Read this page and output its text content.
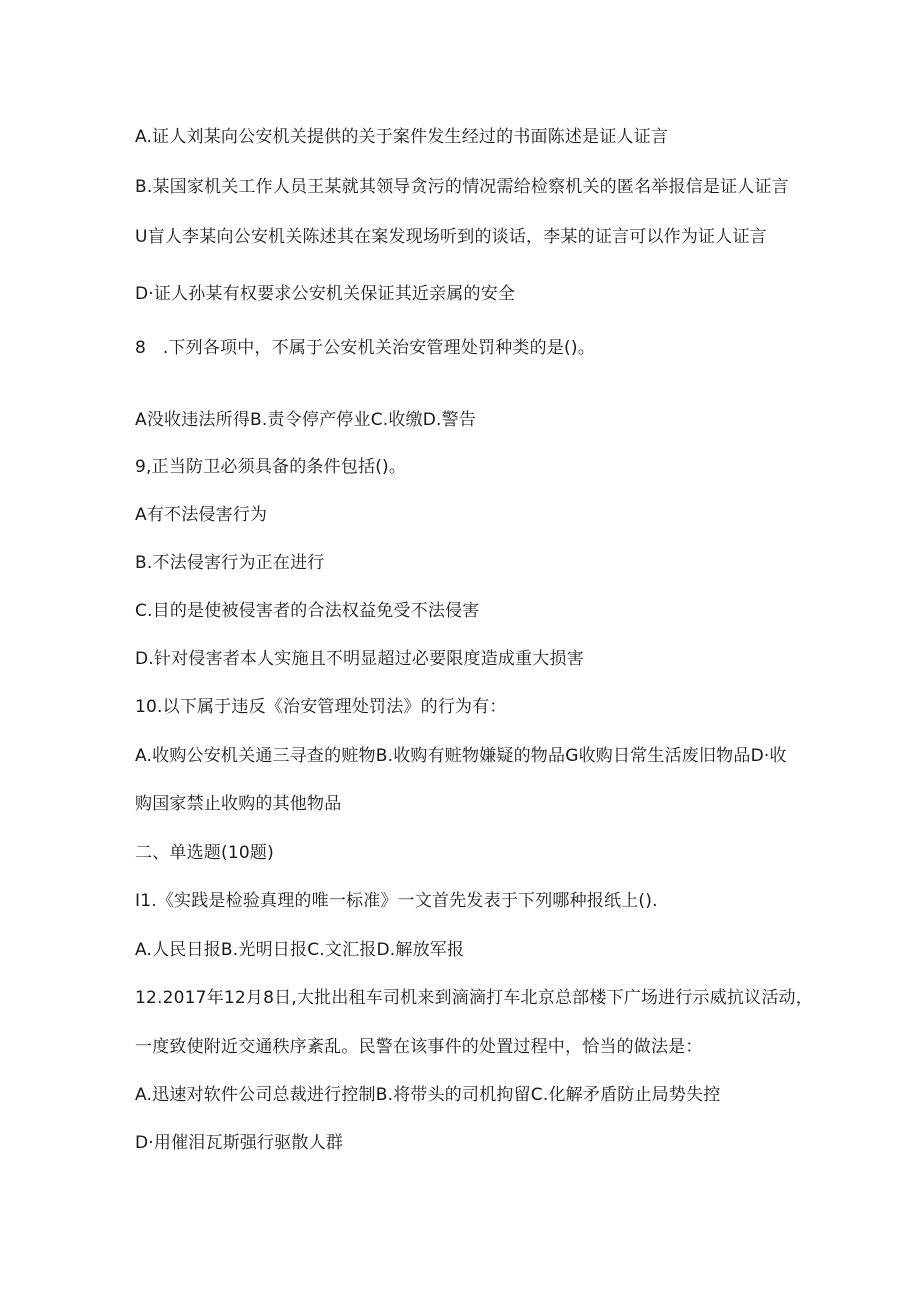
A.证人刘某向公安机关提供的关于案件发生经过的书面陈述是证人证言
B.某国家机关工作人员王某就其领导贪污的情况需给检察机关的匿名举报信是证人证言
U盲人李某向公安机关陈述其在案发现场听到的谈话，李某的证言可以作为证人证言
D·证人孙某有权要求公安机关保证其近亲属的安全
8   .下列各项中，不属于公安机关治安管理处罚种类的是()。
A没收违法所得B.责令停产停业C.收缴D.警告
9,正当防卫必须具备的条件包括()。
A有不法侵害行为
B.不法侵害行为正在进行
C.目的是使被侵害者的合法权益免受不法侵害
D.针对侵害者本人实施且不明显超过必要限度造成重大损害
10.以下属于违反《治安管理处罚法》的行为有：
A.收购公安机关通三寻查的赃物B.收购有赃物嫌疑的物品G收购日常生活废旧物品D·收
购国家禁止收购的其他物品
二、单选题(10题)
I1.《实践是检验真理的唯一标准》一文首先发表于下列哪种报纸上().
A.人民日报B.光明日报C.文汇报D.解放军报
12.2017年12月8日,大批出租车司机来到滴滴打车北京总部楼下广场进行示威抗议活动，
一度致使附近交通秩序紊乱。民警在该事件的处置过程中，恰当的做法是：
A.迅速对软件公司总裁进行控制B.将带头的司机拘留C.化解矛盾防止局势失控
D·用催泪瓦斯强行驱散人群
